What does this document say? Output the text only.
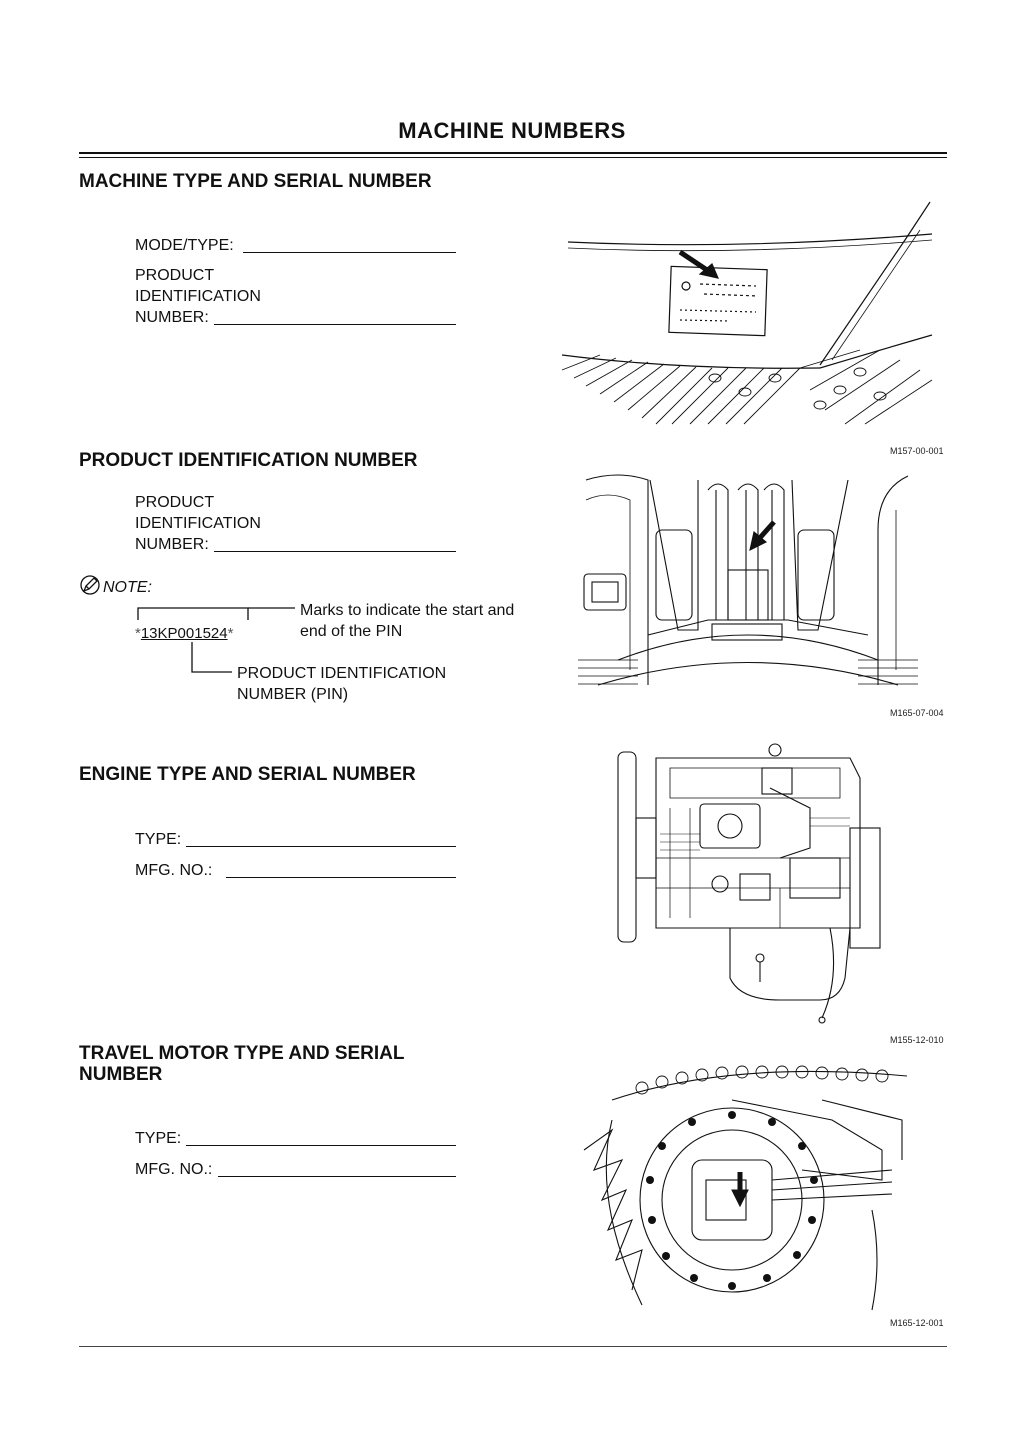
MACHINE NUMBERS
MACHINE TYPE AND SERIAL NUMBER
MODE/TYPE:
PRODUCT
IDENTIFICATION
NUMBER:
M157-00-001
PRODUCT IDENTIFICATION NUMBER
PRODUCT
IDENTIFICATION
NUMBER:
NOTE:
*13KP001524*
Marks to indicate the start and
end of the PIN
PRODUCT IDENTIFICATION
NUMBER (PIN)
M165-07-004
ENGINE TYPE AND SERIAL NUMBER
TYPE:
MFG. NO.:
M155-12-010
TRAVEL MOTOR TYPE AND SERIAL
NUMBER
TYPE:
MFG. NO.:
M165-12-001
